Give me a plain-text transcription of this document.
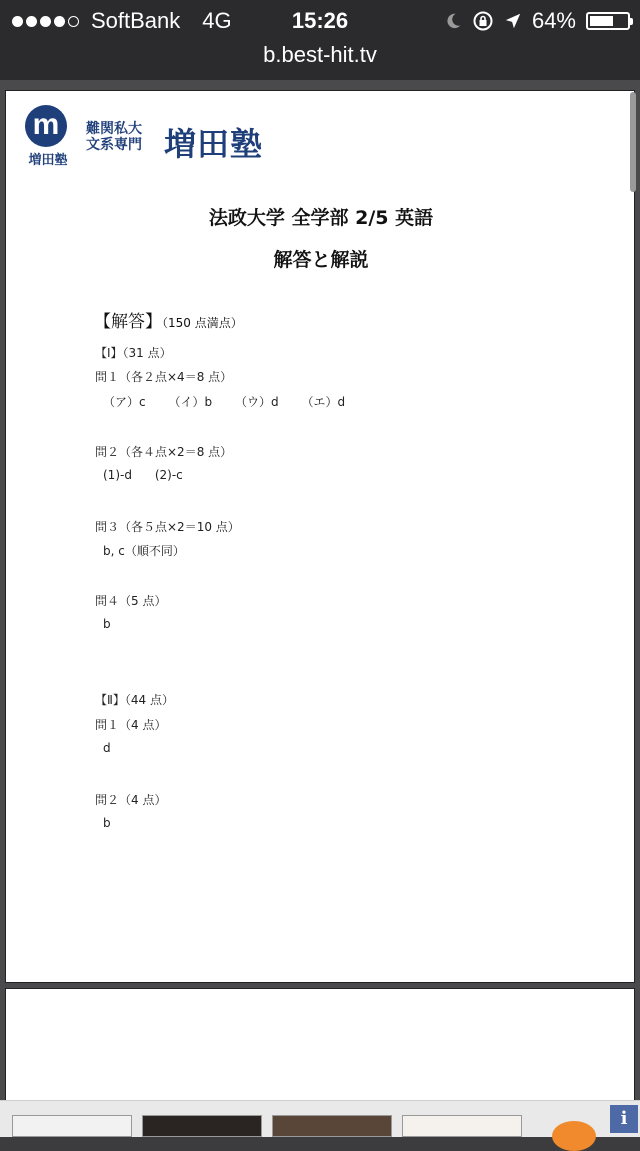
SoftBank 4G	15:26	64%
b.best-hit.tv
m
増田塾
難関私大
文系専門 増田塾
法政大学 全学部 2/5 英語
解答と解説
【解答】（150 点満点）
【Ⅰ】（31 点）
問１（各２点×4＝8 点）
（ア）c      （イ）b      （ウ）d      （エ）d
問２（各４点×2＝8 点）
(1)-d      (2)-c
問３（各５点×2＝10 点）
b, c（順不同）
問４（5 点）
b
【Ⅱ】（44 点）
問１（4 点）
d
問２（4 点）
b
i
